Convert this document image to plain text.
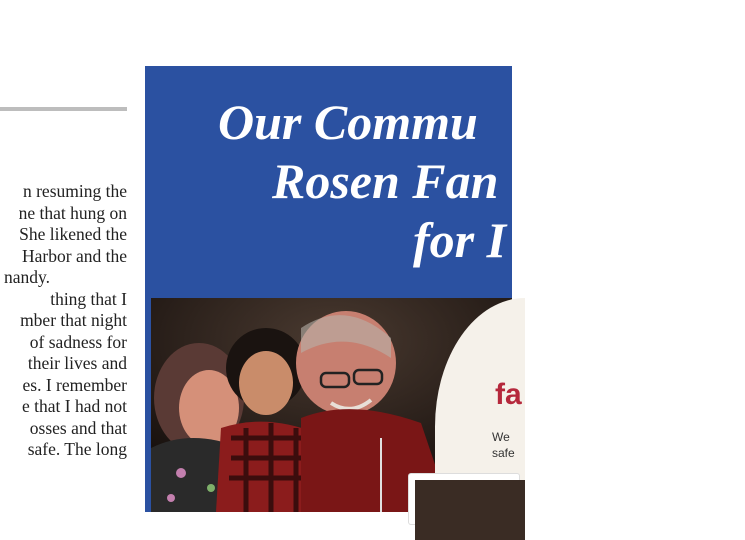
n resuming the
ne that hung on
She likened the
Harbor and the
nandy.
thing that I
mber that night
of sadness for
their lives and
es. I remember
e that I had not
osses and that
safe. The long
Our Commu
Rosen Fan
for I
fa
We
safe
